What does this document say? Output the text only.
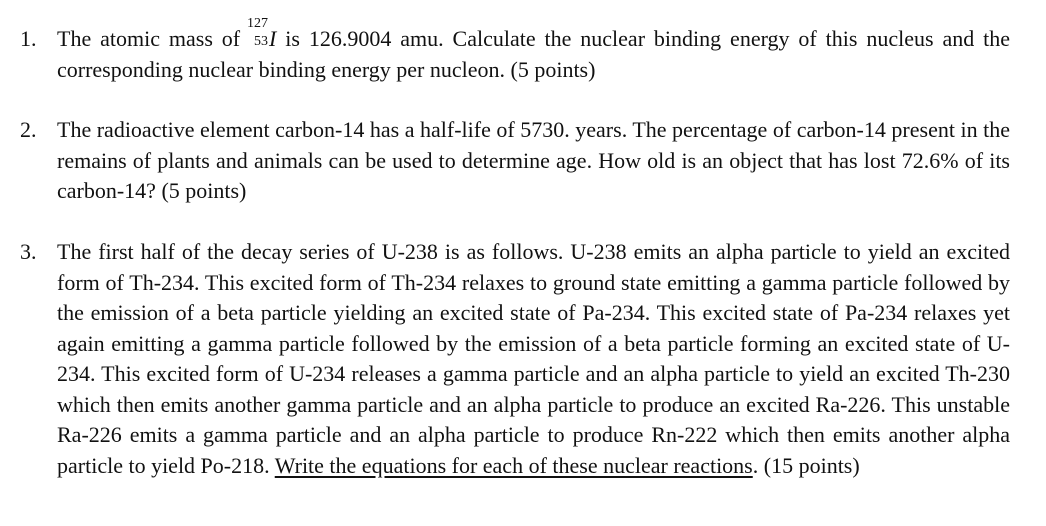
1. The atomic mass of
127
53 I is 126.9004 amu. Calculate the nuclear binding energy of this nucleus and the corresponding nuclear binding energy per nucleon. (5 points)
2. The radioactive element carbon-14 has a half-life of 5730. years. The percentage of carbon-14 present in the remains of plants and animals can be used to determine age. How old is an object that has lost 72.6% of its carbon-14? (5 points)
3. The first half of the decay series of U-238 is as follows. U-238 emits an alpha particle to yield an excited form of Th-234. This excited form of Th-234 relaxes to ground state emitting a gamma particle followed by the emission of a beta particle yielding an excited state of Pa-234. This excited state of Pa-234 relaxes yet again emitting a gamma particle followed by the emission of a beta particle forming an excited state of U-234. This excited form of U-234 releases a gamma particle and an alpha particle to yield an excited Th-230 which then emits another gamma particle and an alpha particle to produce an excited Ra-226. This unstable Ra-226 emits a gamma particle and an alpha particle to produce Rn-222 which then emits another alpha particle to yield Po-218. Write the equations for each of these nuclear reactions. (15 points)
